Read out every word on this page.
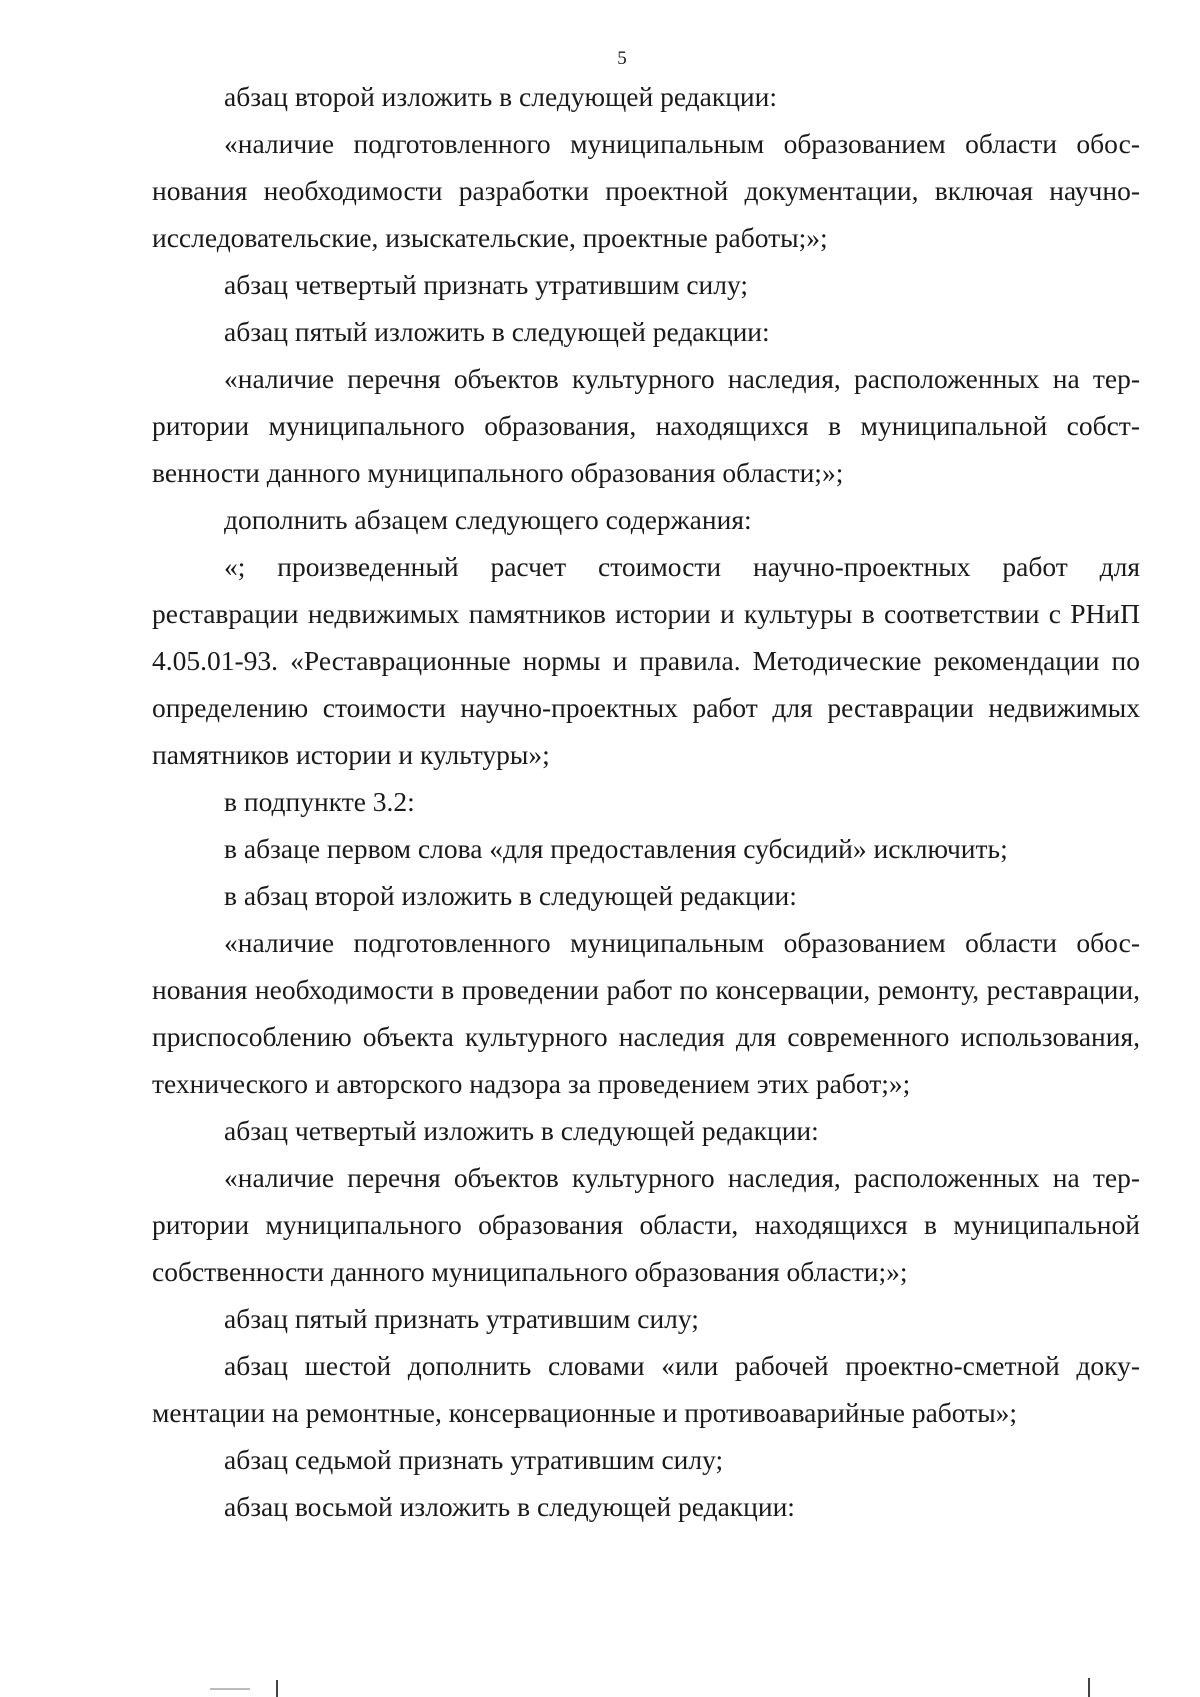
5

абзац второй изложить в следующей редакции:

«наличие подготовленного муниципальным образованием области обоснования необходимости разработки проектной документации, включая научно-исследовательские, изыскательские, проектные работы;»;

абзац четвертый признать утратившим силу;

абзац пятый изложить в следующей редакции:

«наличие перечня объектов культурного наследия, расположенных на территории муниципального образования, находящихся в муниципальной собственности данного муниципального образования области;»;

дополнить абзацем следующего содержания:

«; произведенный расчет стоимости научно-проектных работ для реставрации недвижимых памятников истории и культуры в соответствии с РНиП 4.05.01-93. «Реставрационные нормы и правила. Методические рекомендации по определению стоимости научно-проектных работ для реставрации недвижимых памятников истории и культуры»;

в подпункте 3.2:

в абзаце первом слова «для предоставления субсидий» исключить;

в абзац второй изложить в следующей редакции:

«наличие подготовленного муниципальным образованием области обоснования необходимости в проведении работ по консервации, ремонту, реставрации, приспособлению объекта культурного наследия для современного использования, технического и авторского надзора за проведением этих работ;»;

абзац четвертый изложить в следующей редакции:

«наличие перечня объектов культурного наследия, расположенных на территории муниципального образования области, находящихся в муниципальной собственности данного муниципального образования области;»;

абзац пятый признать утратившим силу;

абзац шестой дополнить словами «или рабочей проектно-сметной документации на ремонтные, консервационные и противоаварийные работы»;

абзац седьмой признать утратившим силу;

абзац восьмой изложить в следующей редакции:
